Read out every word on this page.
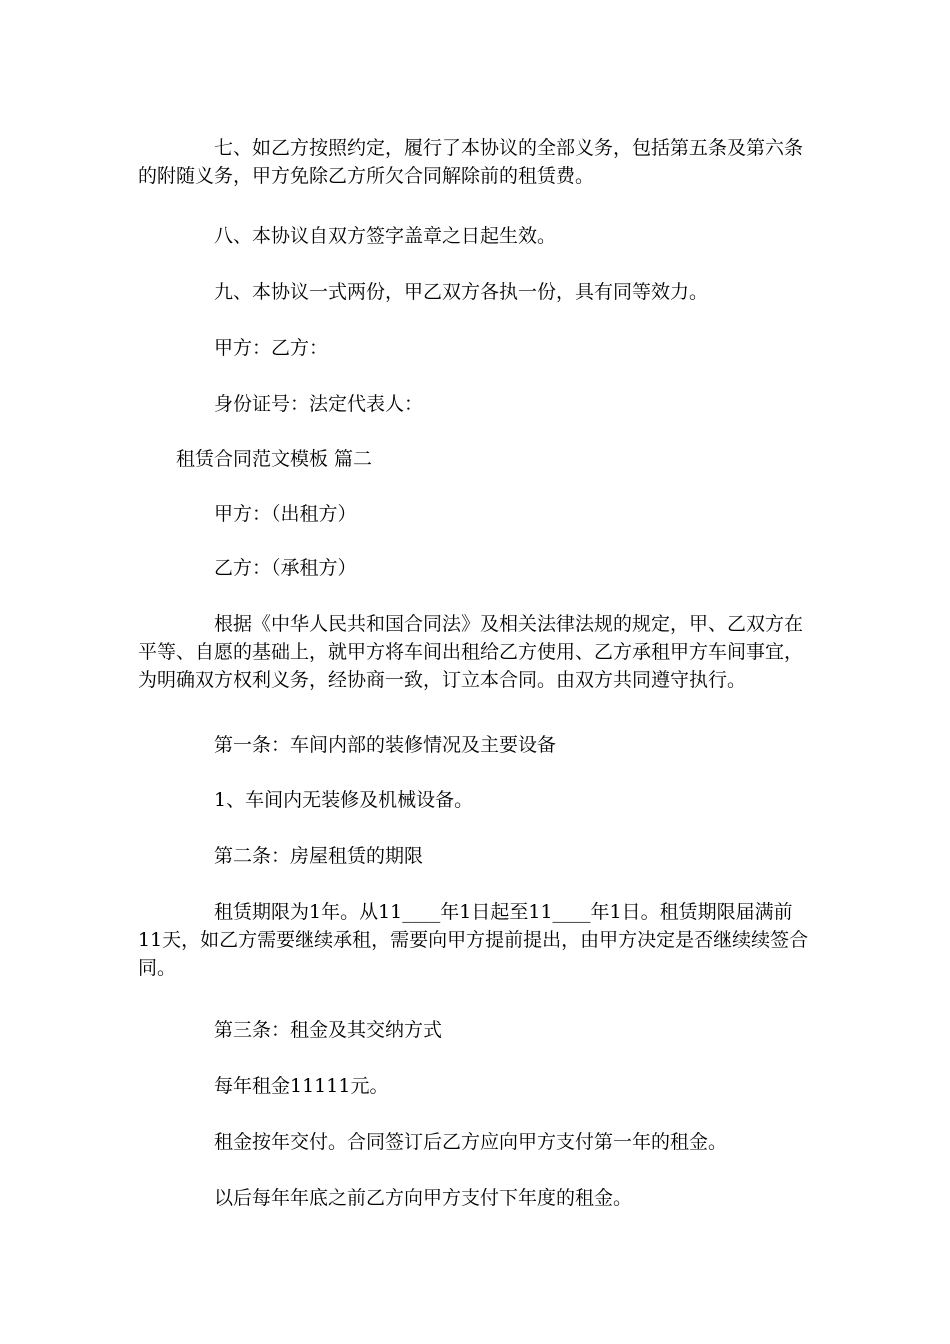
七、如乙方按照约定，履行了本协议的全部义务，包括第五条及第六条的附随义务，甲方免除乙方所欠合同解除前的租赁费。

八、本协议自双方签字盖章之日起生效。

九、本协议一式两份，甲乙双方各执一份，具有同等效力。

甲方：乙方：

身份证号：法定代表人：

租赁合同范文模板 篇二

甲方：（出租方）

乙方：（承租方）

根据《中华人民共和国合同法》及相关法律法规的规定，甲、乙双方在平等、自愿的基础上，就甲方将车间出租给乙方使用、乙方承租甲方车间事宜，为明确双方权利义务，经协商一致，订立本合同。由双方共同遵守执行。

第一条：车间内部的装修情况及主要设备

1、车间内无装修及机械设备。

第二条：房屋租赁的期限

租赁期限为1年。从11____年1日起至11____年1日。租赁期限届满前11天，如乙方需要继续承租，需要向甲方提前提出，由甲方决定是否继续续签合同。

第三条：租金及其交纳方式

每年租金11111元。

租金按年交付。合同签订后乙方应向甲方支付第一年的租金。

以后每年年底之前乙方向甲方支付下年度的租金。
